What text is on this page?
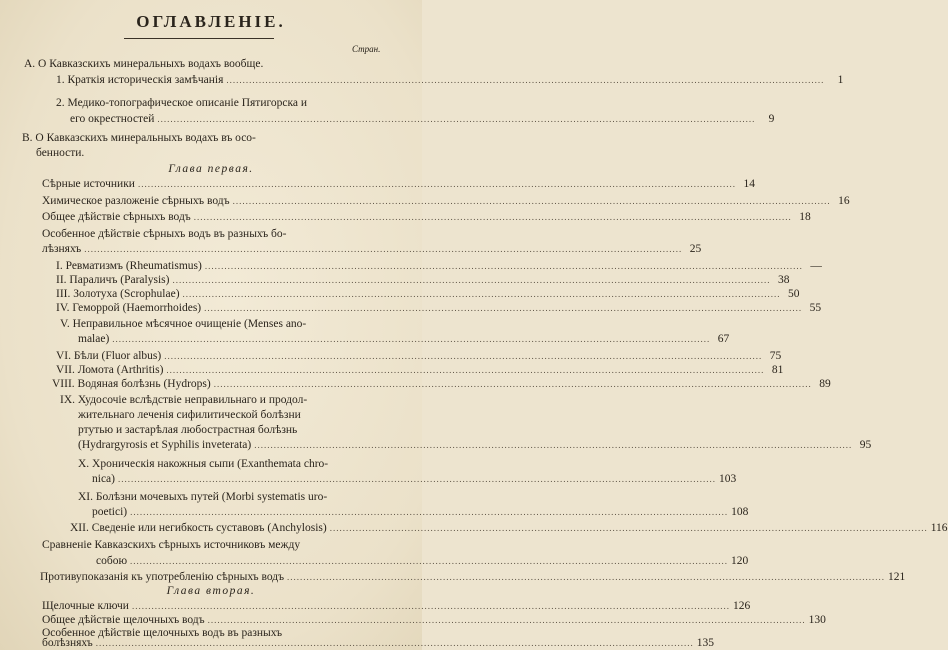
ОГЛАВЛЕНІЕ.
Стран.
А. О Кавказскихъ минеральныхъ водахъ вообще.
1. Краткія историческія замѣчанія .....	1
2. Медико-топографическое описаніе Пятигорска и
его окрестностей .....	9
В. О Кавказскихъ минеральныхъ водахъ въ осо-
бенности.
Глава первая.
Сѣрные источники .....	14
Химическое разложеніе сѣрныхъ водъ .....	16
Общее дѣйствіе сѣрныхъ водъ .....	18
Особенное дѣйствіе сѣрныхъ водъ въ разныхъ бо-
лѣзняхъ .....	25
I. Ревматизмъ (Rheumatismus) .....	—
II. Параличъ (Paralysis) .....	38
III. Золотуха (Scrophulae) .....	50
IV. Геморрой (Haemorrhoides) .....	55
V. Неправильное мѣсячное очищеніе (Menses ano-
malae) .....	67
VI. Бѣли (Fluor albus) .....	75
VII. Ломота (Arthritis) .....	81
VIII. Водяная болѣзнь (Hydrops) .....	89
IX. Худосочіе вслѣдствіе неправильнаго и продол-
жительнаго леченія сифилитической болѣзни
ртутью и застарѣлая любострастная болѣзнь
(Hydrargyrosis et Syphilis inveterata) .....	95
X. Хроническія накожныя сыпи (Exanthemata chro-
nica) .....	103
XI. Болѣзни мочевыхъ путей (Morbi systematis uro-
poetici) .....	108
XII. Сведеніе или негибкость суставовъ (Anchylosis) .....	116
Сравненіе Кавказскихъ сѣрныхъ источниковъ между
собою .....	120
Противупоказанія къ употребленію сѣрныхъ водъ .....	121
Глава вторая.
Щелочные ключи .....	126
Общее дѣйствіе щелочныхъ водъ .....	130
Особенное дѣйствіе щелочныхъ водъ въ разныхъ
болѣзняхъ .....	135
